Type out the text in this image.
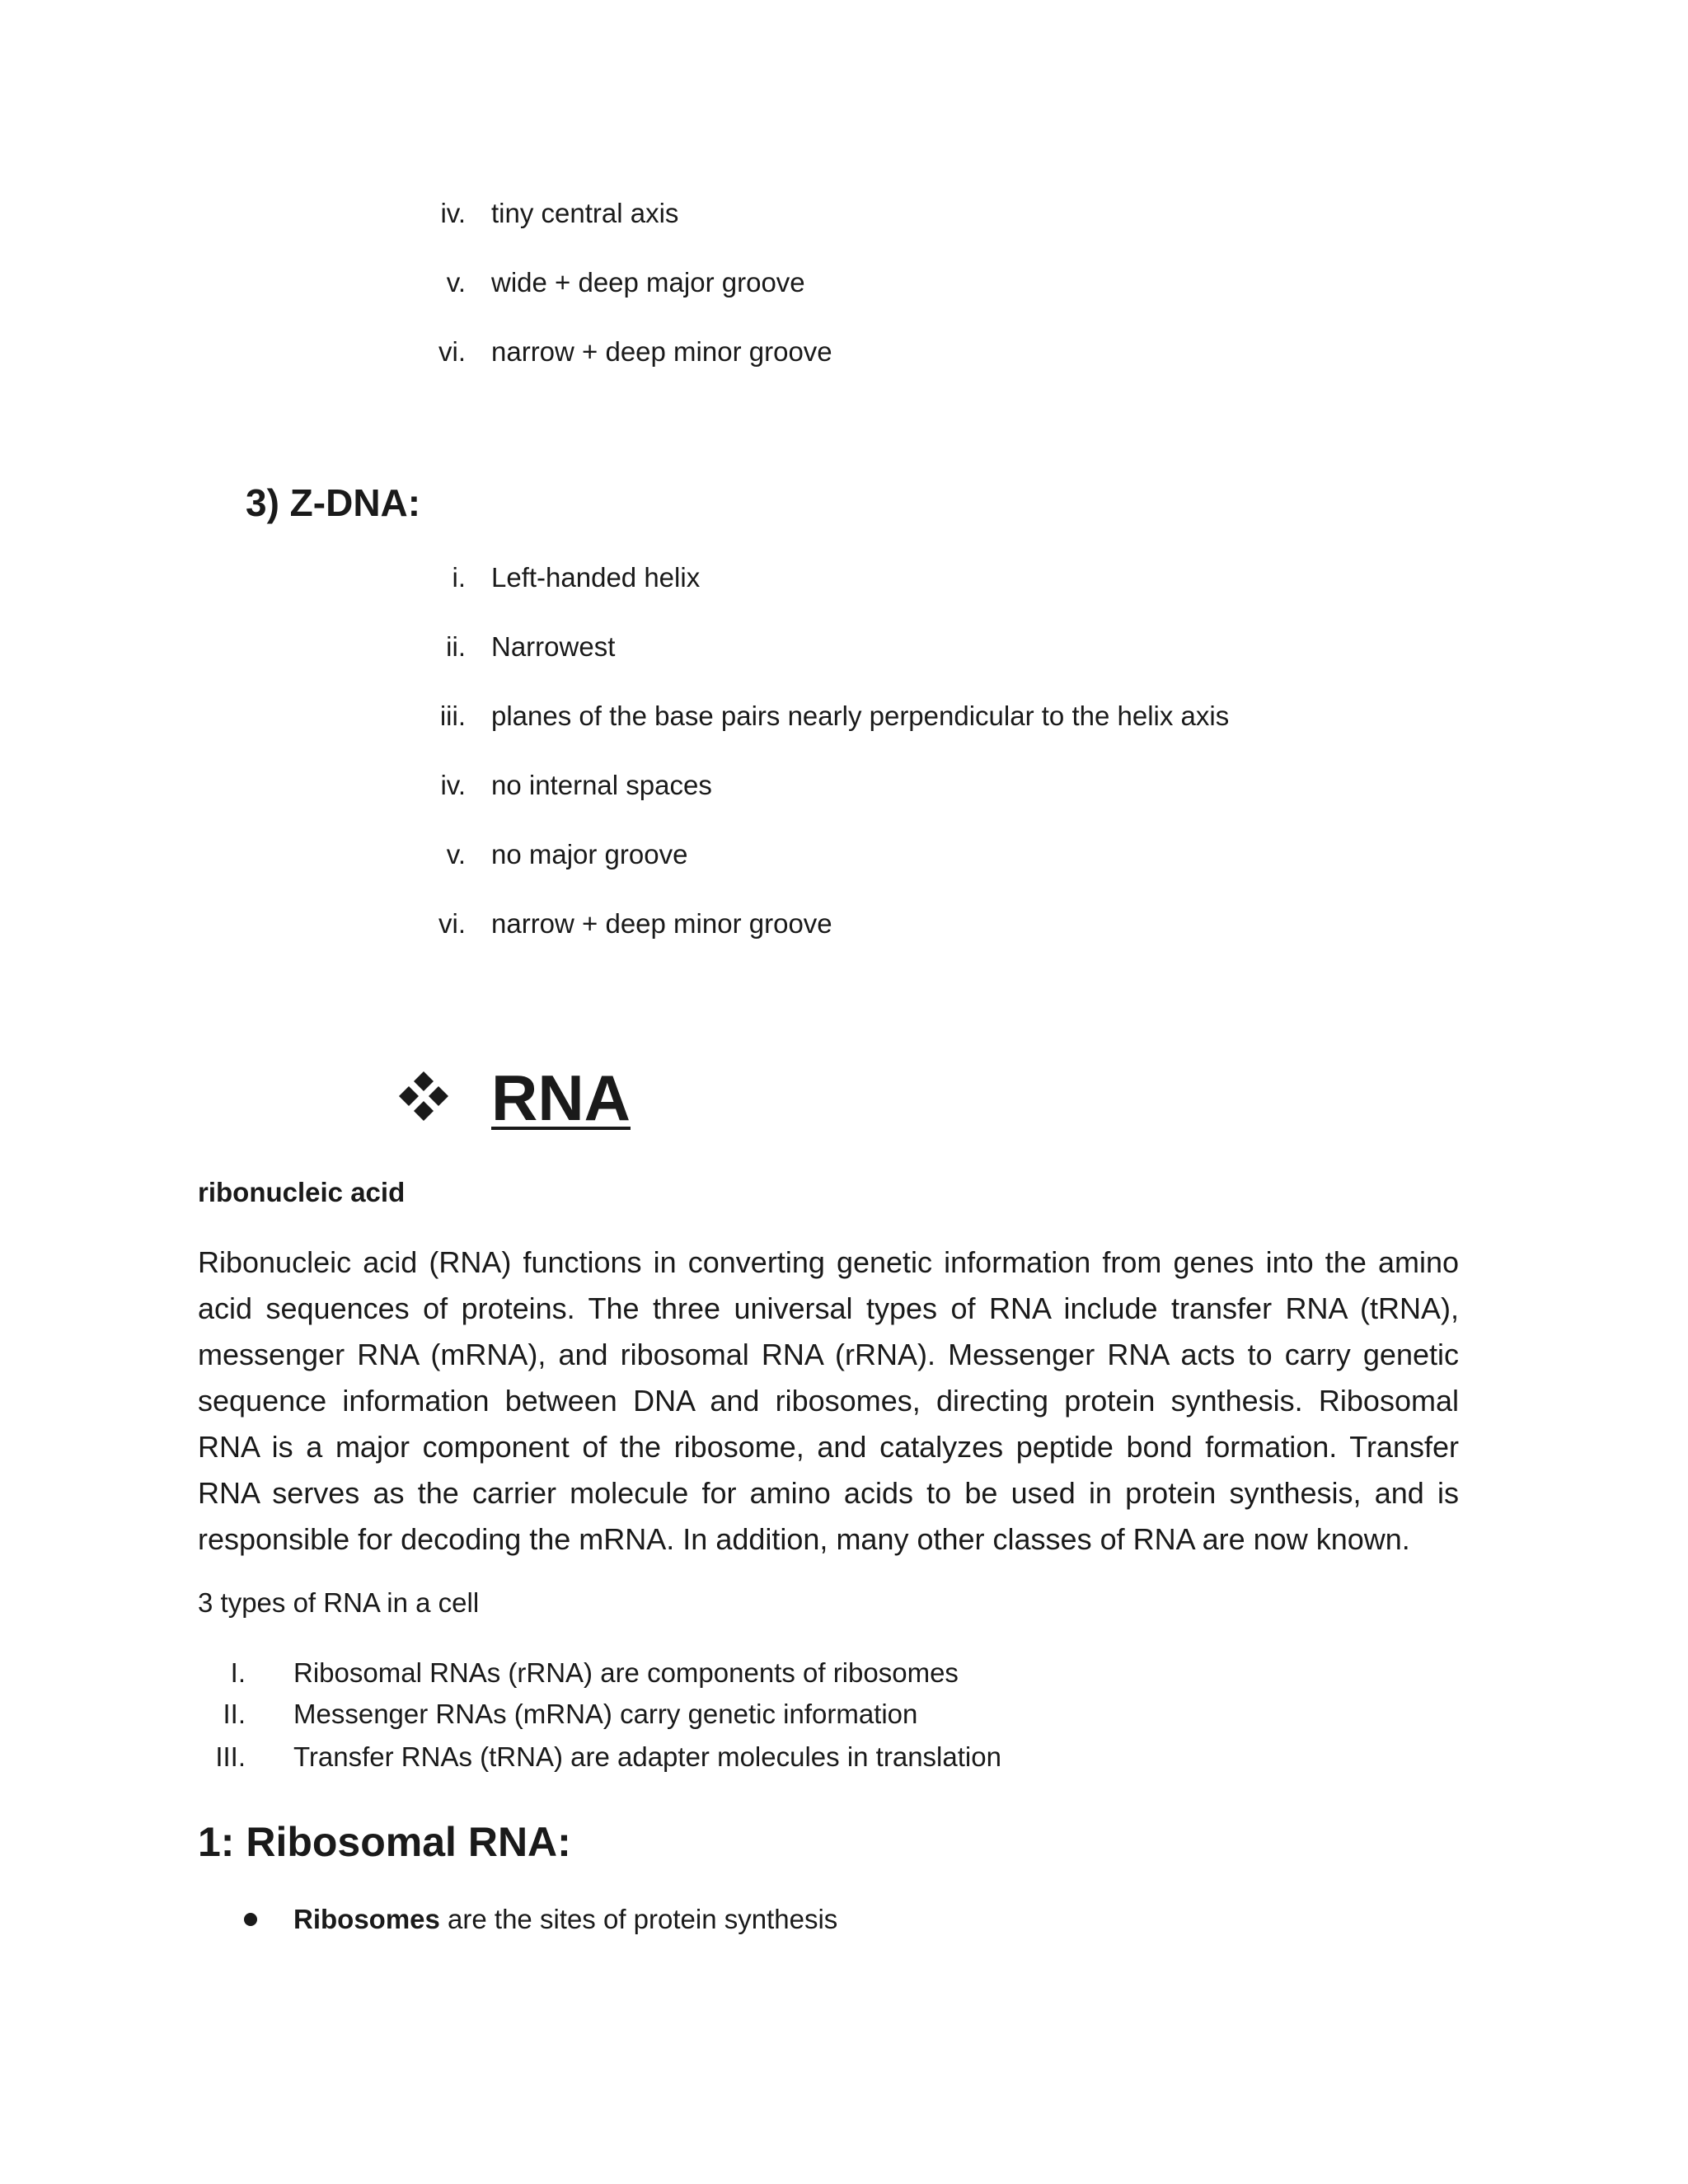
iv. tiny central axis
v. wide + deep major groove
vi. narrow + deep minor groove
3) Z-DNA:
i. Left-handed helix
ii. Narrowest
iii. planes of the base pairs nearly perpendicular to the helix axis
iv. no internal spaces
v. no major groove
vi. narrow + deep minor groove
RNA

ribonucleic acid

Ribonucleic acid (RNA) functions in converting genetic information from genes into the amino acid sequences of proteins. The three universal types of RNA include transfer RNA (tRNA), messenger RNA (mRNA), and ribosomal RNA (rRNA). Messenger RNA acts to carry genetic sequence information between DNA and ribosomes, directing protein synthesis. Ribosomal RNA is a major component of the ribosome, and catalyzes peptide bond formation. Transfer RNA serves as the carrier molecule for amino acids to be used in protein synthesis, and is responsible for decoding the mRNA. In addition, many other classes of RNA are now known.

3 types of RNA in a cell

I. Ribosomal RNAs (rRNA) are components of ribosomes
II. Messenger RNAs (mRNA) carry genetic information
III. Transfer RNAs (tRNA) are adapter molecules in translation
1: Ribosomal RNA:
Ribosomes are the sites of protein synthesis
